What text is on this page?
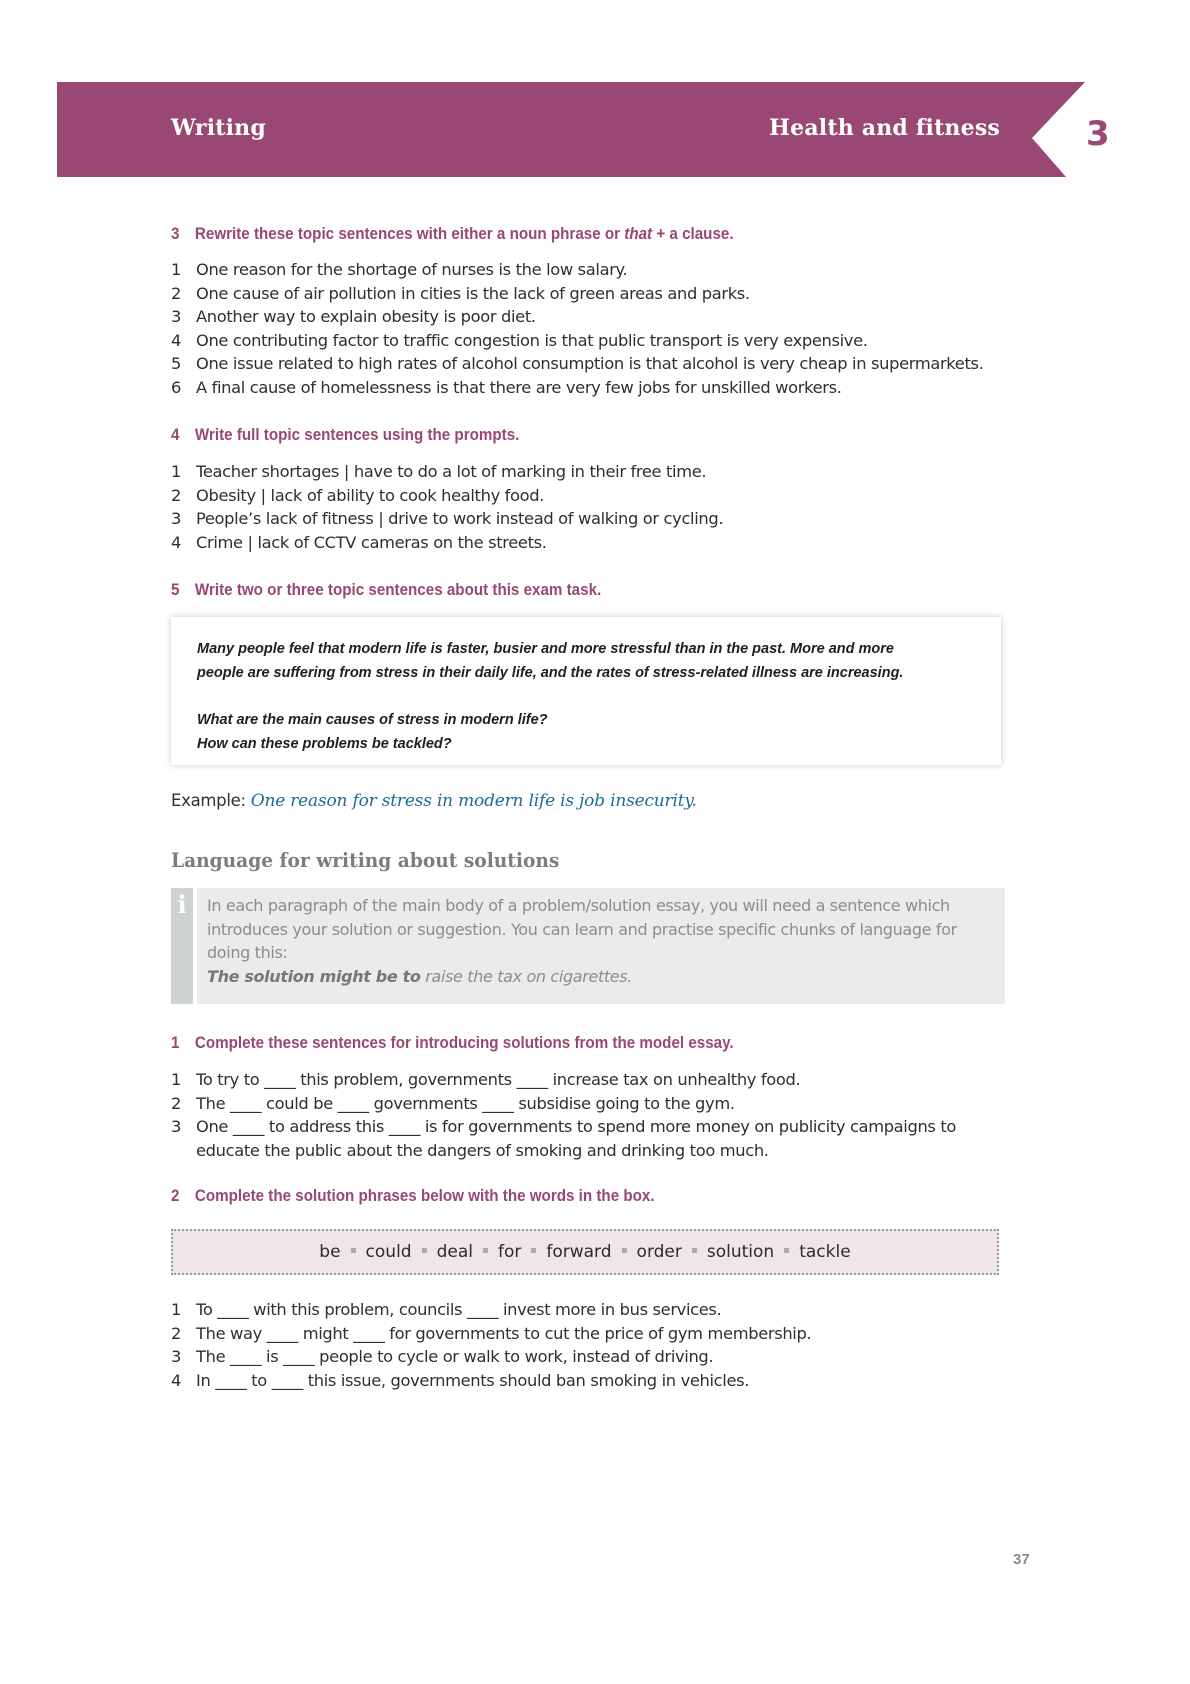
Writing	Health and fitness	3
3 Rewrite these topic sentences with either a noun phrase or that + a clause.
1 One reason for the shortage of nurses is the low salary.
2 One cause of air pollution in cities is the lack of green areas and parks.
3 Another way to explain obesity is poor diet.
4 One contributing factor to traffic congestion is that public transport is very expensive.
5 One issue related to high rates of alcohol consumption is that alcohol is very cheap in supermarkets.
6 A final cause of homelessness is that there are very few jobs for unskilled workers.
4 Write full topic sentences using the prompts.
1 Teacher shortages | have to do a lot of marking in their free time.
2 Obesity | lack of ability to cook healthy food.
3 People’s lack of fitness | drive to work instead of walking or cycling.
4 Crime | lack of CCTV cameras on the streets.
5 Write two or three topic sentences about this exam task.
Many people feel that modern life is faster, busier and more stressful than in the past. More and more
people are suffering from stress in their daily life, and the rates of stress-related illness are increasing.
What are the main causes of stress in modern life?
How can these problems be tackled?
Example: One reason for stress in modern life is job insecurity.
Language for writing about solutions
i	In each paragraph of the main body of a problem/solution essay, you will need a sentence which introduces your solution or suggestion. You can learn and practise specific chunks of language for doing this:
The solution might be to raise the tax on cigarettes.
1 Complete these sentences for introducing solutions from the model essay.
1 To try to ____ this problem, governments ____ increase tax on unhealthy food.
2 The ____ could be ____ governments ____ subsidise going to the gym.
3 One ____ to address this ____ is for governments to spend more money on publicity campaigns to
educate the public about the dangers of smoking and drinking too much.
2 Complete the solution phrases below with the words in the box.
be could deal for forward order solution tackle
1 To ____ with this problem, councils ____ invest more in bus services.
2 The way ____ might ____ for governments to cut the price of gym membership.
3 The ____ is ____ people to cycle or walk to work, instead of driving.
4 In ____ to ____ this issue, governments should ban smoking in vehicles.
37
